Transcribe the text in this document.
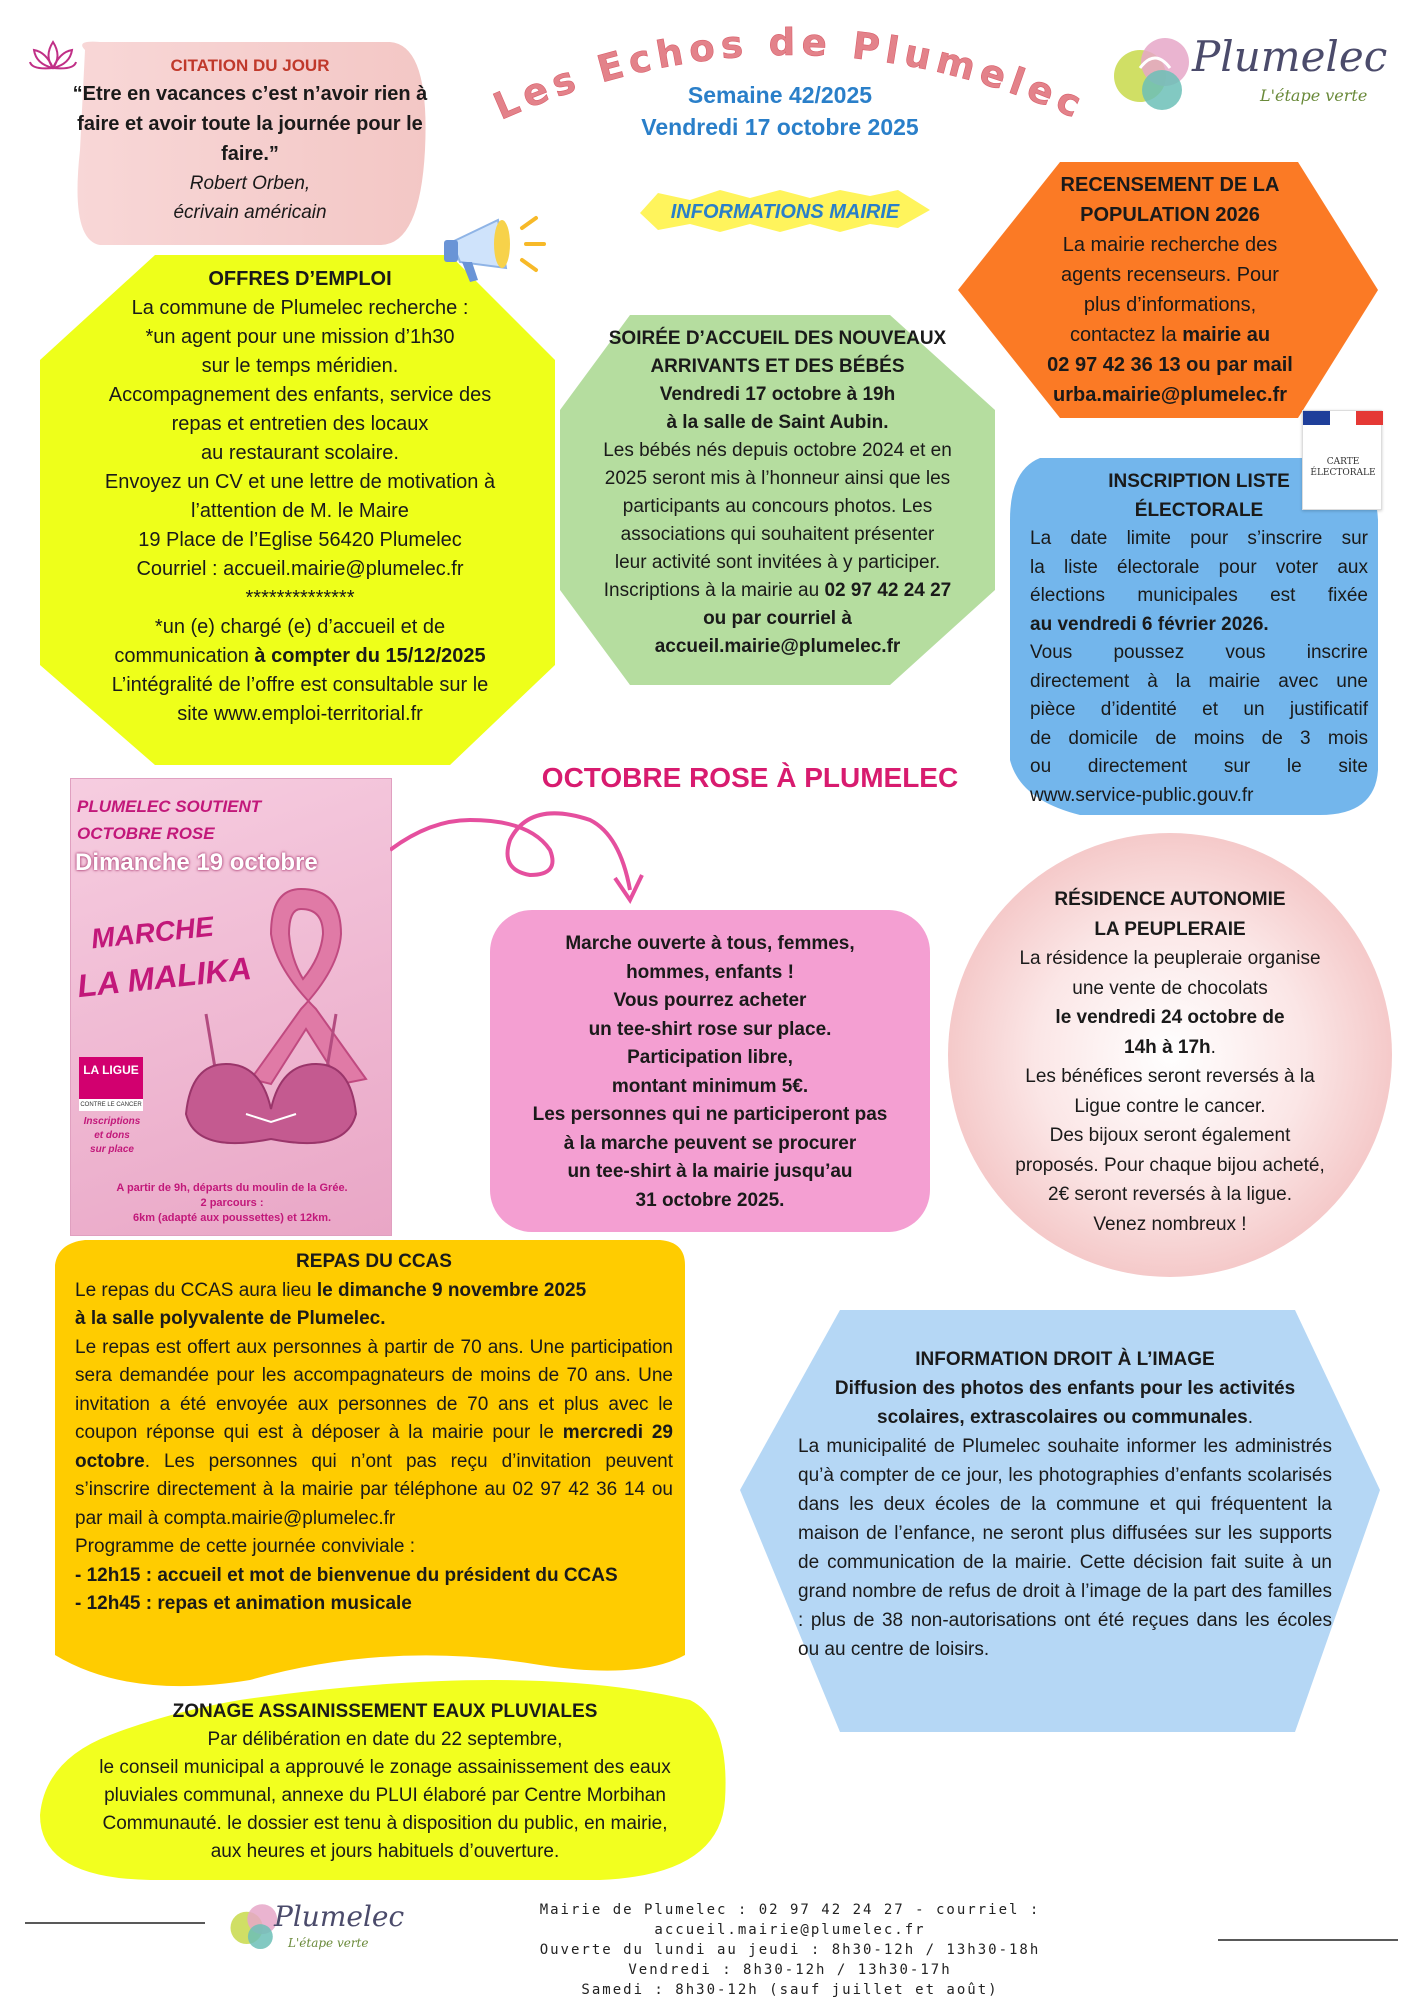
CITATION DU JOUR
“Etre en vacances c’est n’avoir rien à faire et avoir toute la journée pour le faire.”
Robert Orben,
écrivain américain
Les Echos de Plumelec
Semaine 42/2025
Vendredi 17 octobre 2025
Plumelec
L'étape verte
INFORMATIONS MAIRIE
OFFRES D’EMPLOI
La commune de Plumelec recherche :
*un agent pour une mission d’1h30
sur le temps méridien.
Accompagnement des enfants, service des
repas et entretien des locaux
au restaurant scolaire.
Envoyez un CV et une lettre de motivation à
l’attention de M. le Maire
19 Place de l’Eglise 56420 Plumelec
Courriel : accueil.mairie@plumelec.fr
**************
*un (e) chargé (e) d’accueil et de
communication à compter du 15/12/2025
L’intégralité de l’offre est consultable sur le
site www.emploi-territorial.fr
SOIRÉE D’ACCUEIL DES NOUVEAUX
ARRIVANTS ET DES BÉBÉS
Vendredi 17 octobre à 19h
à la salle de Saint Aubin.
Les bébés nés depuis octobre 2024 et en
2025 seront mis à l’honneur ainsi que les
participants au concours photos. Les
associations qui souhaitent présenter
leur activité sont invitées à y participer.
Inscriptions à la mairie au 02 97 42 24 27
ou par courriel à
accueil.mairie@plumelec.fr
RECENSEMENT DE LA
POPULATION 2026
La mairie recherche des
agents recenseurs. Pour
plus d’informations,
contactez la mairie au
02 97 42 36 13 ou par mail
urba.mairie@plumelec.fr
CARTE
ÉLECTORALE
INSCRIPTION LISTE
ÉLECTORALE
La date limite pour s’inscrire sur
la liste électorale pour voter aux
élections municipales est fixée
au vendredi 6 février 2026.
Vous poussez vous inscrire
directement à la mairie avec une
pièce d’identité et un justificatif
de domicile de moins de 3 mois
ou directement sur le site
www.service-public.gouv.fr
OCTOBRE ROSE À PLUMELEC
PLUMELEC SOUTIENT
OCTOBRE ROSE
Dimanche 19 octobre
MARCHE
LA MALIKA
LA LIGUE
CONTRE LE CANCER
Inscriptions
et dons
sur place
A partir de 9h, départs du moulin de la Grée.
2 parcours :
6km (adapté aux poussettes) et 12km.
Marche ouverte à tous, femmes,
hommes, enfants !
Vous pourrez acheter
un tee-shirt rose sur place.
Participation libre,
montant minimum 5€.
Les personnes qui ne participeront pas
à la marche peuvent se procurer
un tee-shirt à la mairie jusqu’au
31 octobre 2025.
RÉSIDENCE AUTONOMIE
LA PEUPLERAIE
La résidence la peupleraie organise
une vente de chocolats
le vendredi 24 octobre de
14h à 17h.
Les bénéfices seront reversés à la
Ligue contre le cancer.
Des bijoux seront également
proposés. Pour chaque bijou acheté,
2€ seront reversés à la ligue.
Venez nombreux !
REPAS DU CCAS
Le repas du CCAS aura lieu le dimanche 9 novembre 2025
à la salle polyvalente de Plumelec.
Le repas est offert aux personnes à partir de 70 ans. Une participation sera demandée pour les accompagnateurs de moins de 70 ans. Une invitation a été envoyée aux personnes de 70 ans et plus avec le coupon réponse qui est à déposer à la mairie pour le mercredi 29 octobre. Les personnes qui n’ont pas reçu d’invitation peuvent s’inscrire directement à la mairie par téléphone au 02 97 42 36 14 ou par mail à compta.mairie@plumelec.fr
Programme de cette journée conviviale :
- 12h15 : accueil et mot de bienvenue du président du CCAS
- 12h45 : repas et animation musicale
INFORMATION DROIT À L’IMAGE
Diffusion des photos des enfants pour les activités
scolaires, extrascolaires ou communales.
La municipalité de Plumelec souhaite informer les administrés qu’à compter de ce jour, les photographies d’enfants scolarisés dans les deux écoles de la commune et qui fréquentent la maison de l’enfance, ne seront plus diffusées sur les supports de communication de la mairie. Cette décision fait suite à un grand nombre de refus de droit à l’image de la part des familles : plus de 38 non-autorisations ont été reçues dans les écoles ou au centre de loisirs.
ZONAGE ASSAINISSEMENT EAUX PLUVIALES
Par délibération en date du 22 septembre,
le conseil municipal a approuvé le zonage assainissement des eaux
pluviales communal, annexe du PLUI élaboré par Centre Morbihan
Communauté. le dossier est tenu à disposition du public, en mairie,
aux heures et jours habituels d’ouverture.
Plumelec
L'étape verte
Mairie de Plumelec : 02 97 42 24 27 - courriel : accueil.mairie@plumelec.fr
Ouverte du lundi au jeudi : 8h30-12h / 13h30-18h
Vendredi : 8h30-12h / 13h30-17h
Samedi : 8h30-12h (sauf juillet et août)
